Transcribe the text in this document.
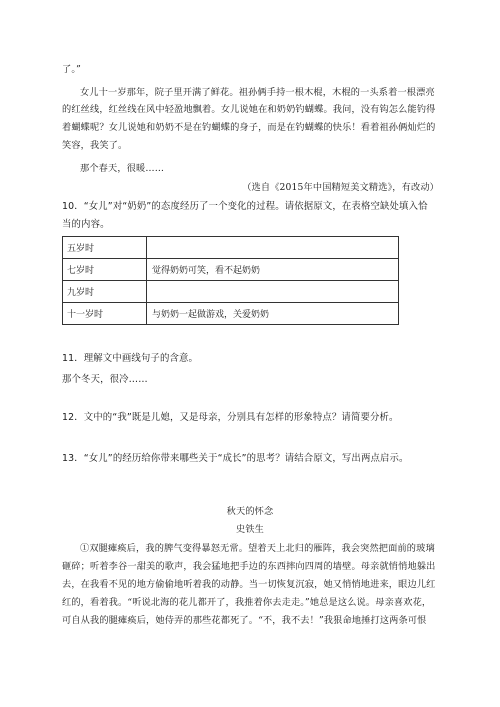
了。”
女儿十一岁那年，院子里开满了鲜花。祖孙俩手持一根木棍，木棍的一头系着一根漂亮
的红丝线，红丝线在风中轻盈地飘着。女儿说她在和奶奶钓蝴蝶。我问，没有钩怎么能钓得
着蝴蝶呢？女儿说她和奶奶不是在钓蝴蝶的身子，而是在钓蝴蝶的快乐！看着祖孙俩灿烂的
笑容，我笑了。
那个春天，很暖……
（选自《2015年中国精短美文精选》，有改动）
10．“女儿”对“奶奶”的态度经历了一个变化的过程。请依据原文，在表格空缺处填入恰
当的内容。
五岁时	
七岁时	觉得奶奶可笑，看不起奶奶
九岁时	
十一岁时	与奶奶一起做游戏，关爱奶奶
11．理解文中画线句子的含意。
那个冬天，很冷……
12．文中的“我”既是儿媳，又是母亲，分别具有怎样的形象特点？请简要分析。
13．“女儿”的经历给你带来哪些关于“成长”的思考？请结合原文，写出两点启示。
秋天的怀念
史铁生
①双腿瘫痪后，我的脾气变得暴怒无常。望着天上北归的雁阵，我会突然把面前的玻璃
砸碎；听着李谷一甜美的歌声，我会猛地把手边的东西摔向四周的墙壁。母亲就悄悄地躲出
去，在我看不见的地方偷偷地听着我的动静。当一切恢复沉寂，她又悄悄地进来，眼边儿红
红的，看着我。“听说北海的花儿都开了，我推着你去走走。”她总是这么说。母亲喜欢花，
可自从我的腿瘫痪后，她侍弄的那些花都死了。“不，我不去！”我狠命地捶打这两条可恨
